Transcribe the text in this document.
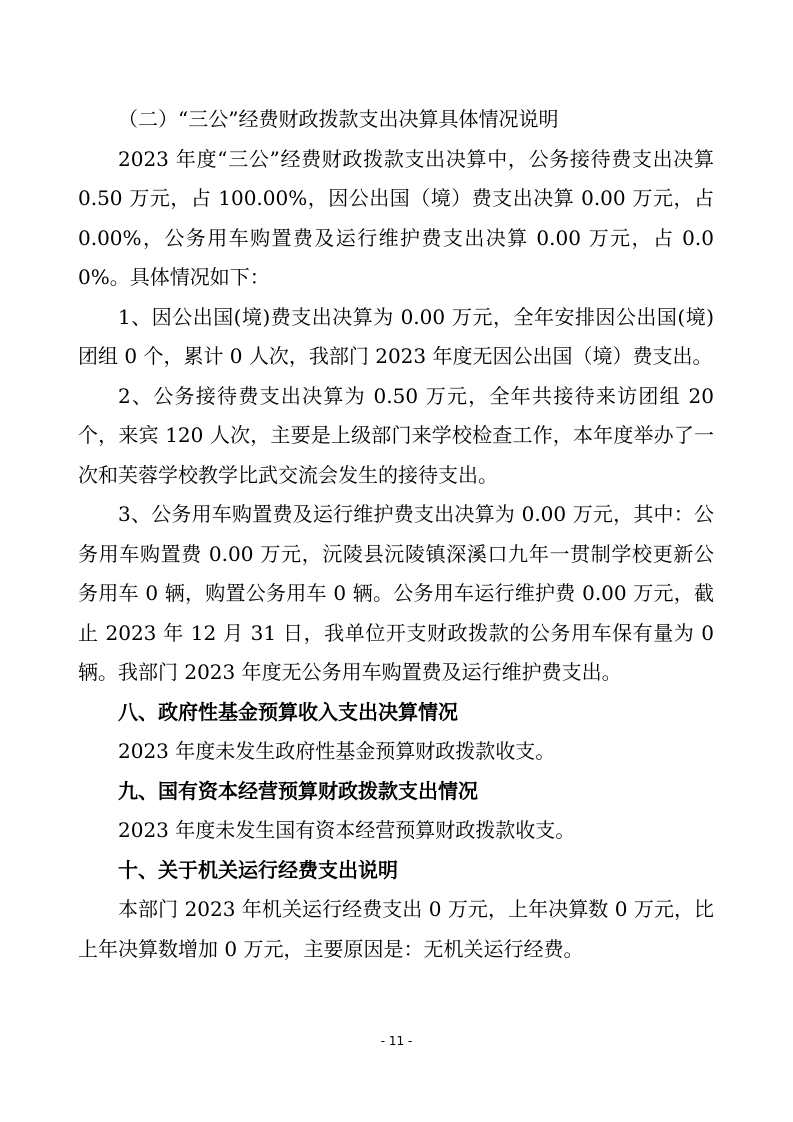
（二）“三公”经费财政拨款支出决算具体情况说明

2023 年度“三公”经费财政拨款支出决算中，公务接待费支出决算 0.50 万元，占 100.00%，因公出国（境）费支出决算 0.00 万元，占 0.00%，公务用车购置费及运行维护费支出决算 0.00 万元，占 0.00%。具体情况如下：

1、因公出国(境)费支出决算为 0.00 万元，全年安排因公出国(境)团组 0 个，累计 0 人次，我部门 2023 年度无因公出国（境）费支出。

2、公务接待费支出决算为 0.50 万元，全年共接待来访团组 20 个，来宾 120 人次，主要是上级部门来学校检查工作，本年度举办了一次和芙蓉学校教学比武交流会发生的接待支出。

3、公务用车购置费及运行维护费支出决算为 0.00 万元，其中：公务用车购置费 0.00 万元，沅陵县沅陵镇深溪口九年一贯制学校更新公务用车 0 辆，购置公务用车 0 辆。公务用车运行维护费 0.00 万元，截止 2023 年 12 月 31 日，我单位开支财政拨款的公务用车保有量为 0 辆。我部门 2023 年度无公务用车购置费及运行维护费支出。

八、政府性基金预算收入支出决算情况

2023 年度未发生政府性基金预算财政拨款收支。

九、国有资本经营预算财政拨款支出情况

2023 年度未发生国有资本经营预算财政拨款收支。

十、关于机关运行经费支出说明

本部门 2023 年机关运行经费支出 0 万元，上年决算数 0 万元，比上年决算数增加 0 万元，主要原因是：无机关运行经费。

- 11 -
